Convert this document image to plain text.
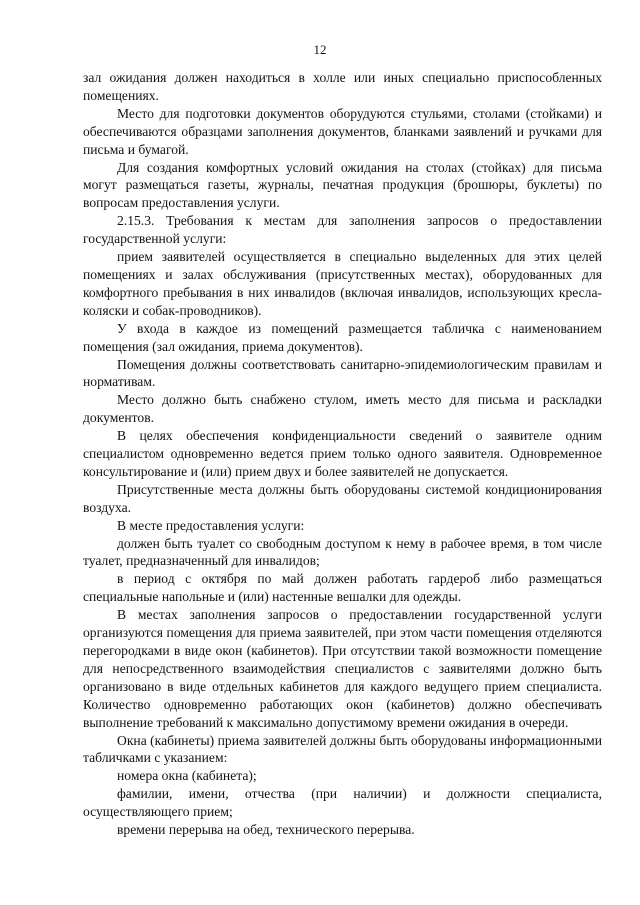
12

зал ожидания должен находиться в холле или иных специально приспособленных помещениях.

Место для подготовки документов оборудуются стульями, столами (стойками) и обеспечиваются образцами заполнения документов, бланками заявлений и ручками для письма и бумагой.

Для создания комфортных условий ожидания на столах (стойках) для письма могут размещаться газеты, журналы, печатная продукция (брошюры, буклеты) по вопросам предоставления услуги.

2.15.3. Требования к местам для заполнения запросов о предоставлении государственной услуги:

прием заявителей осуществляется в специально выделенных для этих целей помещениях и залах обслуживания (присутственных местах), оборудованных для комфортного пребывания в них инвалидов (включая инвалидов, использующих кресла-коляски и собак-проводников).

У входа в каждое из помещений размещается табличка с наименованием помещения (зал ожидания, приема документов).

Помещения должны соответствовать санитарно-эпидемиологическим правилам и нормативам.

Место должно быть снабжено стулом, иметь место для письма и раскладки документов.

В целях обеспечения конфиденциальности сведений о заявителе одним специалистом одновременно ведется прием только одного заявителя. Одновременное консультирование и (или) прием двух и более заявителей не допускается.

Присутственные места должны быть оборудованы системой кондиционирования воздуха.

В месте предоставления услуги:

должен быть туалет со свободным доступом к нему в рабочее время, в том числе туалет, предназначенный для инвалидов;

в период с октября по май должен работать гардероб либо размещаться специальные напольные и (или) настенные вешалки для одежды.

В местах заполнения запросов о предоставлении государственной услуги организуются помещения для приема заявителей, при этом части помещения отделяются перегородками в виде окон (кабинетов). При отсутствии такой возможности помещение для непосредственного взаимодействия специалистов с заявителями должно быть организовано в виде отдельных кабинетов для каждого ведущего прием специалиста. Количество одновременно работающих окон (кабинетов) должно обеспечивать выполнение требований к максимально допустимому времени ожидания в очереди.

Окна (кабинеты) приема заявителей должны быть оборудованы информационными табличками с указанием:

номера окна (кабинета);

фамилии, имени, отчества (при наличии) и должности специалиста, осуществляющего прием;

времени перерыва на обед, технического перерыва.
